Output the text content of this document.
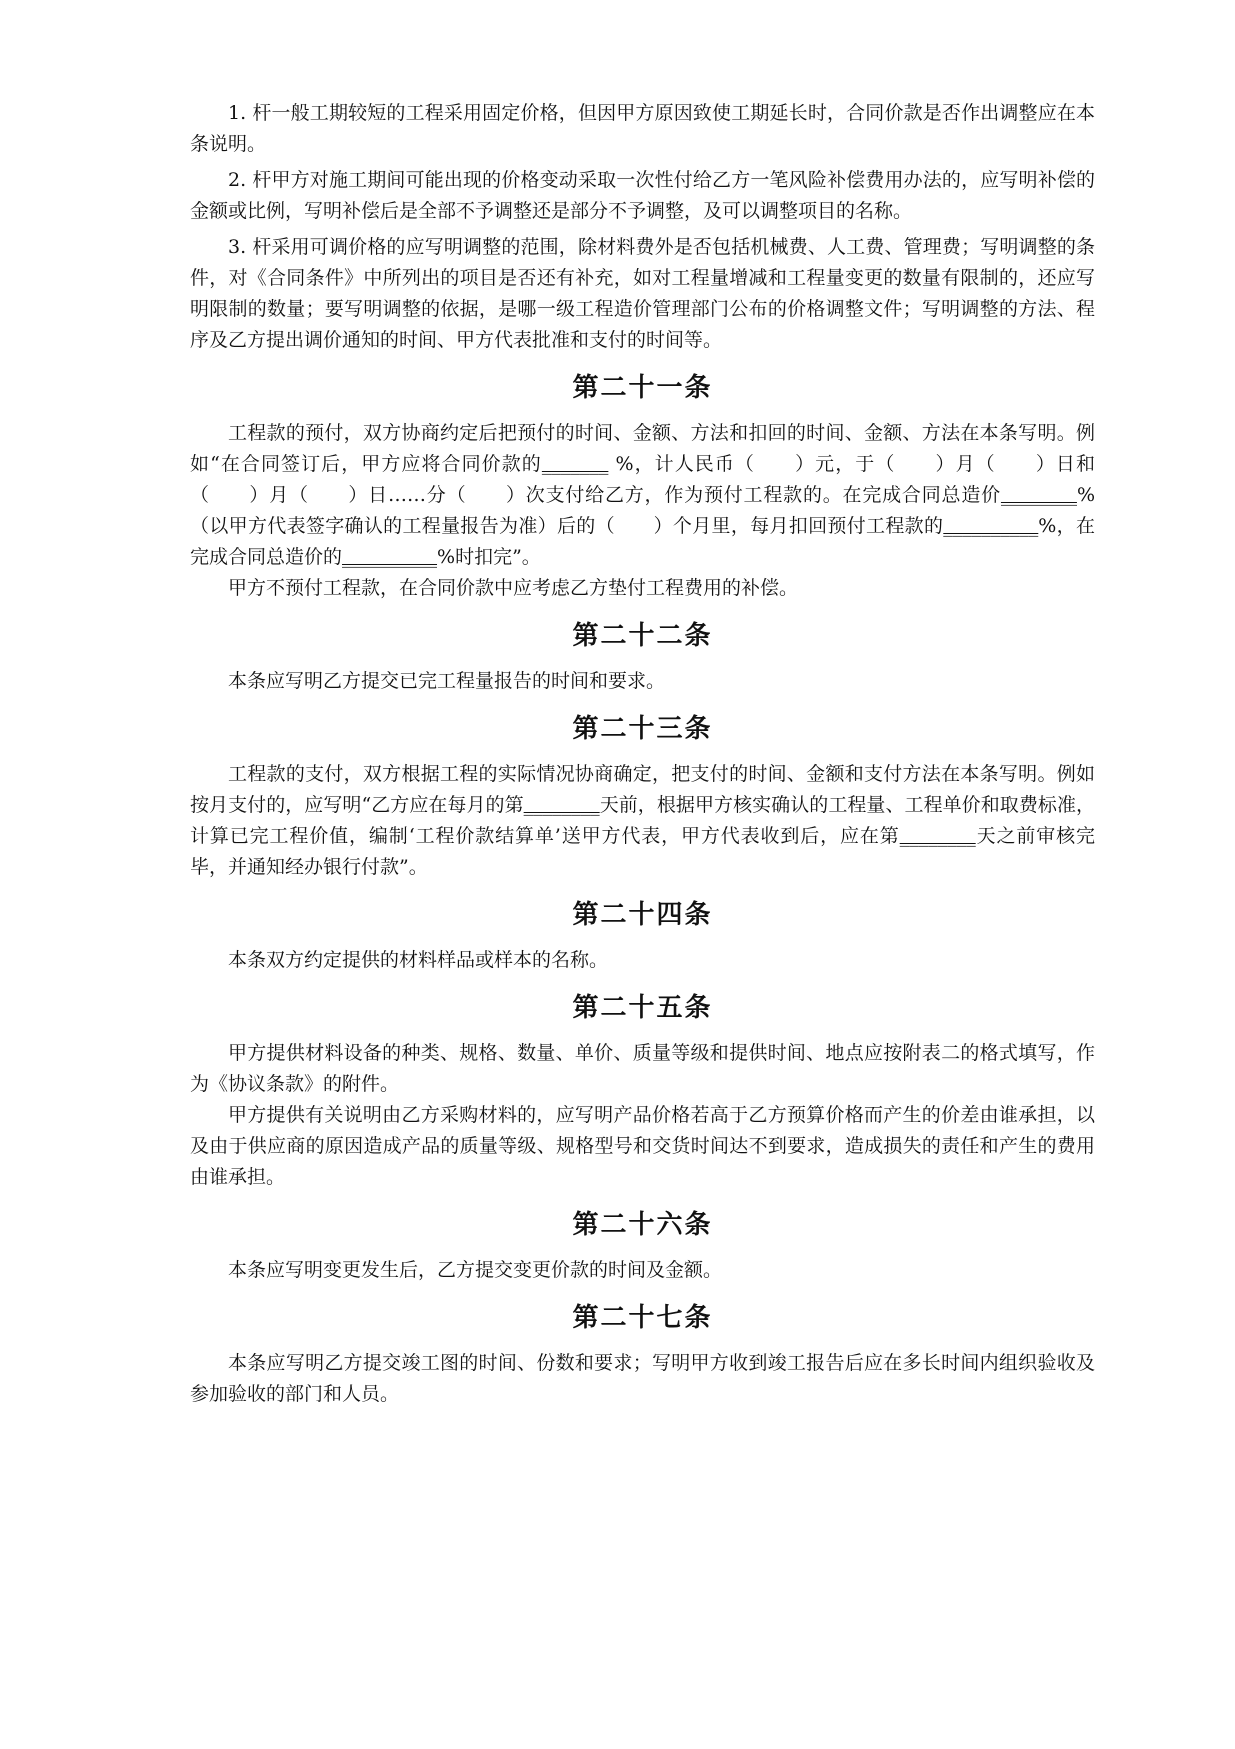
1. 杆一般工期较短的工程采用固定价格，但因甲方原因致使工期延长时，合同价款是否作出调整应在本条说明。

2. 杆甲方对施工期间可能出现的价格变动采取一次性付给乙方一笔风险补偿费用办法的，应写明补偿的金额或比例，写明补偿后是全部不予调整还是部分不予调整，及可以调整项目的名称。

3. 杆采用可调价格的应写明调整的范围，除材料费外是否包括机械费、人工费、管理费；写明调整的条件，对《合同条件》中所列出的项目是否还有补充，如对工程量增减和工程量变更的数量有限制的，还应写明限制的数量；要写明调整的依据，是哪一级工程造价管理部门公布的价格调整文件；写明调整的方法、程序及乙方提出调价通知的时间、甲方代表批准和支付的时间等。

第二十一条

工程款的预付，双方协商约定后把预付的时间、金额、方法和扣回的时间、金额、方法在本条写明。例如“在合同签订后，甲方应将合同价款的_______ %，计人民币（　　）元，于（　　）月（　　）日和（　　）月（　　）日……分（　　）次支付给乙方，作为预付工程款的。在完成合同总造价________%（以甲方代表签字确认的工程量报告为准）后的（　　）个月里，每月扣回预付工程款的__________%，在完成合同总造价的__________%时扣完”。

甲方不预付工程款，在合同价款中应考虑乙方垫付工程费用的补偿。

第二十二条

本条应写明乙方提交已完工程量报告的时间和要求。

第二十三条

工程款的支付，双方根据工程的实际情况协商确定，把支付的时间、金额和支付方法在本条写明。例如按月支付的，应写明“乙方应在每月的第________天前，根据甲方核实确认的工程量、工程单价和取费标准，计算已完工程价值，编制‘工程价款结算单’送甲方代表，甲方代表收到后，应在第________天之前审核完毕，并通知经办银行付款”。

第二十四条

本条双方约定提供的材料样品或样本的名称。

第二十五条

甲方提供材料设备的种类、规格、数量、单价、质量等级和提供时间、地点应按附表二的格式填写，作为《协议条款》的附件。

甲方提供有关说明由乙方采购材料的，应写明产品价格若高于乙方预算价格而产生的价差由谁承担，以及由于供应商的原因造成产品的质量等级、规格型号和交货时间达不到要求，造成损失的责任和产生的费用由谁承担。

第二十六条

本条应写明变更发生后，乙方提交变更价款的时间及金额。

第二十七条

本条应写明乙方提交竣工图的时间、份数和要求；写明甲方收到竣工报告后应在多长时间内组织验收及参加验收的部门和人员。
